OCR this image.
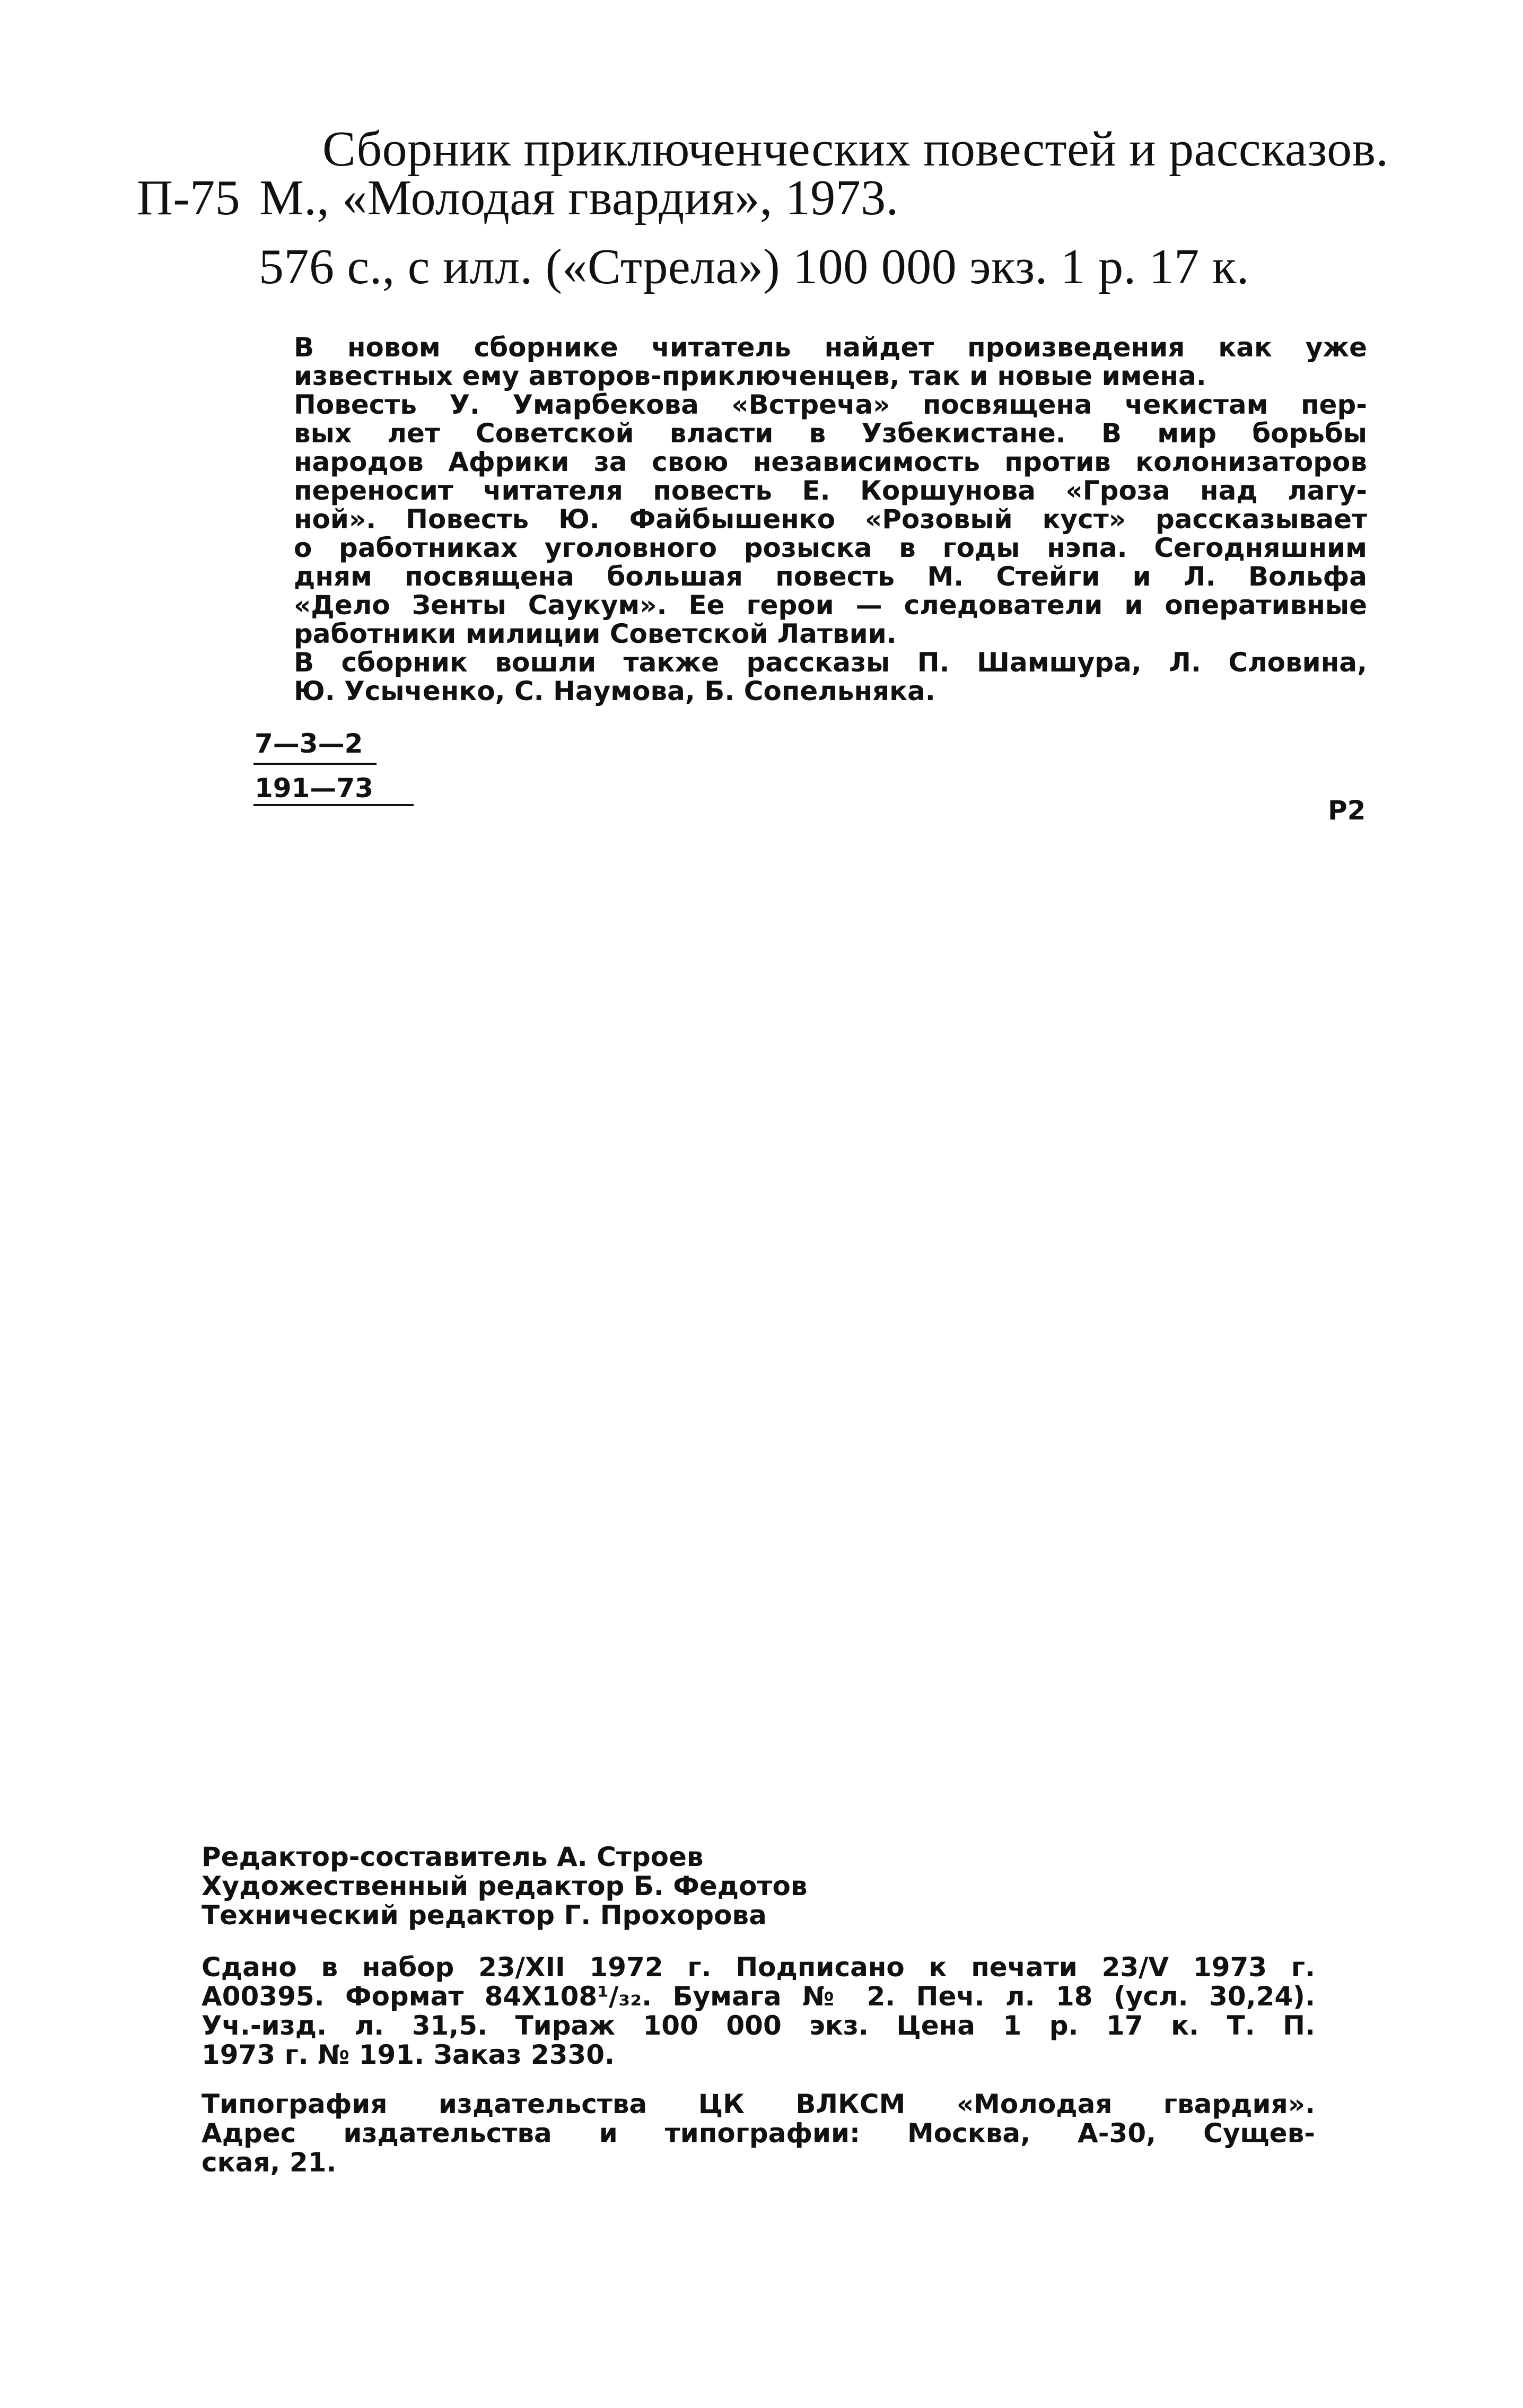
Сборник приключенческих повестей и рассказов.
П-75 М., «Молодая гвардия», 1973.
576 с., с илл. («Стрела») 100 000 экз. 1 р. 17 к.

В новом сборнике читатель найдет произведения как уже
известных ему авторов-приключенцев, так и новые имена.

Повесть У. Умарбекова «Встреча» посвящена чекистам пер-
вых лет Советской власти в Узбекистане. В мир борьбы
народов Африки за свою независимость против колонизаторов
переносит читателя повесть Е. Коршунова «Гроза над лагу-
ной». Повесть Ю. Файбышенко «Розовый куст» рассказывает
о работниках уголовного розыска в годы нэпа. Сегодняшним
дням посвящена большая повесть М. Стейги и Л. Вольфа
«Дело Зенты Саукум». Ее герои — следователи и оперативные
работники милиции Советской Латвии.

В сборник вошли также рассказы П. Шамшура, Л. Словина,
Ю. Усыченко, С. Наумова, Б. Сопельняка.

$\frac{7—3—2}{191—73}$
Р2
Редактор-составитель А. Строев
Художественный редактор Б. Федотов
Технический редактор Г. Прохорова
Сдано в набор 23/XII 1972 г. Подписано к печати 23/V 1973 г.
А00395. Формат 84Х108¹/₃₂. Бумага № 2. Печ. л. 18 (усл. 30,24).
Уч.-изд. л. 31,5. Тираж 100 000 экз. Цена 1 р. 17 к. Т. П.
1973 г. № 191. Заказ 2330.
Типография издательства ЦК ВЛКСМ «Молодая гвардия».
Адрес издательства и типографии: Москва, А-30, Сущев-
ская, 21.
